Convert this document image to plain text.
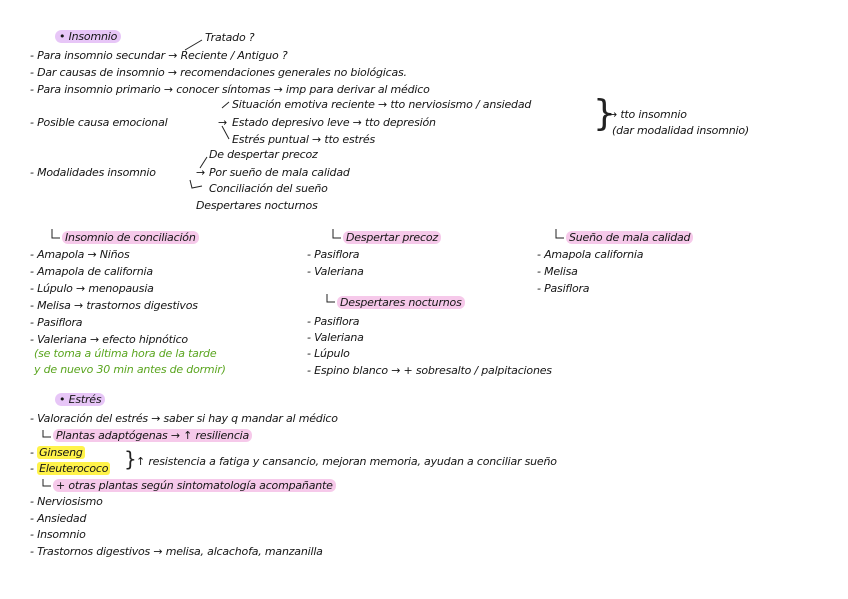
• Insomnio	Tratado ?
- Para insomnio secundar → Reciente / Antiguo ?
- Dar causas de insomnio → recomendaciones generales no biológicas.
- Para insomnio primario → conocer síntomas → imp para derivar al médico
- Posible causa emocional	→
Situación emotiva reciente → tto nerviosismo / ansiedad
Estado depresivo leve → tto depresión
Estrés puntual → tto estrés
}
→ tto insomnio
(dar modalidad insomnio)
- Modalidades insomnio	→
De despertar precoz
Por sueño de mala calidad
Conciliación del sueño
Despertares nocturnos
Insomnio de conciliación
- Amapola → Niños
- Amapola de california
- Lúpulo → menopausia
- Melisa → trastornos digestivos
- Pasiflora
- Valeriana → efecto hipnótico
(se toma a última hora de la tarde
y de nuevo 30 min antes de dormir)
Despertar precoz
- Pasiflora
- Valeriana
Despertares nocturnos
- Pasiflora
- Valeriana
- Lúpulo
- Espino blanco → + sobresalto / palpitaciones
Sueño de mala calidad
- Amapola california
- Melisa
- Pasiflora
• Estrés
- Valoración del estrés → saber si hay q mandar al médico
Plantas adaptógenas → ↑ resiliencia
- Ginseng
- Eleuterococo } ↑ resistencia a fatiga y cansancio, mejoran memoria, ayudan a conciliar sueño
+ otras plantas según sintomatología acompañante
- Nerviosismo
- Ansiedad
- Insomnio
- Trastornos digestivos → melisa, alcachofa, manzanilla
